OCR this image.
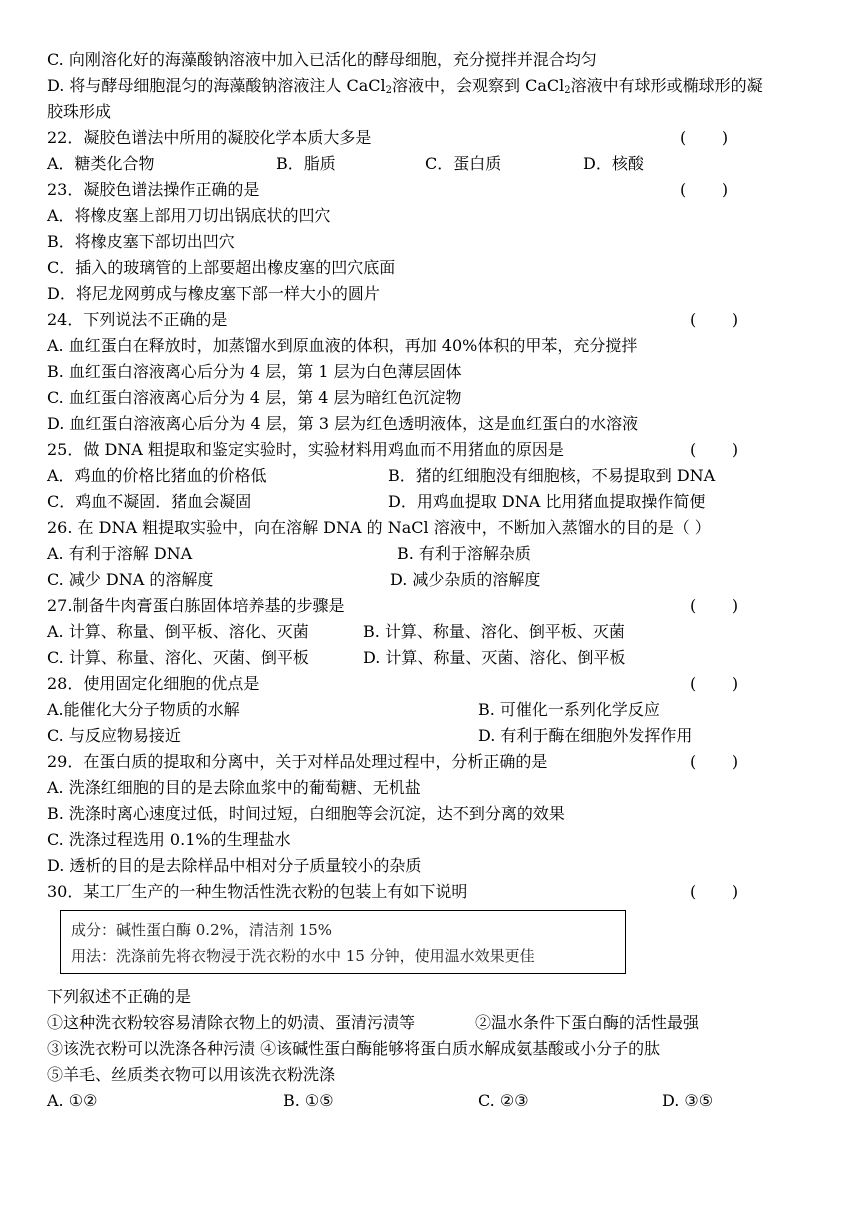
C. 向刚溶化好的海藻酸钠溶液中加入已活化的酵母细胞，充分搅拌并混合均匀
D. 将与酵母细胞混匀的海藻酸钠溶液注人 CaCl$_2$溶液中，会观察到 CaCl$_2$溶液中有球形或椭球形的凝
胶珠形成
22．凝胶色谱法中所用的凝胶化学本质大多是	(       )
A．糖类化合物	B．脂质	C．蛋白质	D．核酸
23．凝胶色谱法操作正确的是	(       )
A．将橡皮塞上部用刀切出锅底状的凹穴
B．将橡皮塞下部切出凹穴
C．插入的玻璃管的上部要超出橡皮塞的凹穴底面
D．将尼龙网剪成与橡皮塞下部一样大小的圆片
24．下列说法不正确的是	(       )
A. 血红蛋白在释放时，加蒸馏水到原血液的体积，再加 40%体积的甲苯，充分搅拌
B. 血红蛋白溶液离心后分为 4 层，第 1 层为白色薄层固体
C. 血红蛋白溶液离心后分为 4 层，第 4 层为暗红色沉淀物
D. 血红蛋白溶液离心后分为 4 层，第 3 层为红色透明液体，这是血红蛋白的水溶液
25．做 DNA 粗提取和鉴定实验时，实验材料用鸡血而不用猪血的原因是	(       )
A．鸡血的价格比猪血的价格低	B．猪的红细胞没有细胞核，不易提取到 DNA
C．鸡血不凝固．猪血会凝固	D．用鸡血提取 DNA 比用猪血提取操作简便
26. 在 DNA 粗提取实验中，向在溶解 DNA 的 NaCl 溶液中，不断加入蒸馏水的目的是（ ）
A. 有利于溶解 DNA	B. 有利于溶解杂质
C. 减少 DNA 的溶解度	D. 减少杂质的溶解度
27.制备牛肉膏蛋白胨固体培养基的步骤是	(       )
A. 计算、称量、倒平板、溶化、灭菌	B. 计算、称量、溶化、倒平板、灭菌
C. 计算、称量、溶化、灭菌、倒平板	D. 计算、称量、灭菌、溶化、倒平板
28．使用固定化细胞的优点是	(       )
A.能催化大分子物质的水解	B. 可催化一系列化学反应
C. 与反应物易接近	D. 有利于酶在细胞外发挥作用
29．在蛋白质的提取和分离中，关于对样品处理过程中，分析正确的是	(       )
A. 洗涤红细胞的目的是去除血浆中的葡萄糖、无机盐
B. 洗涤时离心速度过低，时间过短，白细胞等会沉淀，达不到分离的效果
C. 洗涤过程选用 0.1%的生理盐水
D. 透析的目的是去除样品中相对分子质量较小的杂质
30．某工厂生产的一种生物活性洗衣粉的包装上有如下说明	(       )
成分：碱性蛋白酶 0.2%，清洁剂 15%
用法：洗涤前先将衣物浸于洗衣粉的水中 15 分钟，使用温水效果更佳
下列叙述不正确的是
①这种洗衣粉较容易清除衣物上的奶渍、蛋清污渍等	②温水条件下蛋白酶的活性最强
③该洗衣粉可以洗涤各种污渍 ④该碱性蛋白酶能够将蛋白质水解成氨基酸或小分子的肽
⑤羊毛、丝质类衣物可以用该洗衣粉洗涤
A. ①②	B. ①⑤	C. ②③	D. ③⑤
